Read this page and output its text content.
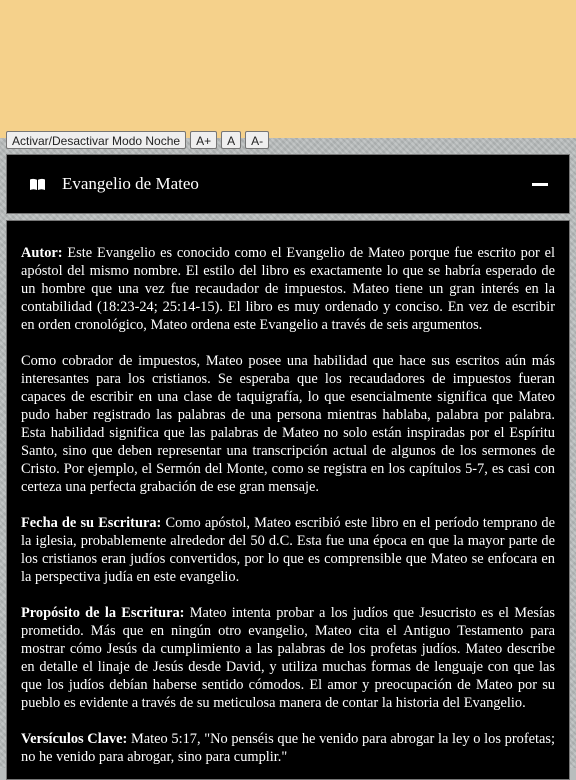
Activar/Desactivar Modo Noche	A+	A	A-
Evangelio de Mateo

Autor: Este Evangelio es conocido como el Evangelio de Mateo porque fue escrito por el apóstol del mismo nombre. El estilo del libro es exactamente lo que se habría esperado de un hombre que una vez fue recaudador de impuestos. Mateo tiene un gran interés en la contabilidad (18:23-24; 25:14-15). El libro es muy ordenado y conciso. En vez de escribir en orden cronológico, Mateo ordena este Evangelio a través de seis argumentos.

Como cobrador de impuestos, Mateo posee una habilidad que hace sus escritos aún más interesantes para los cristianos. Se esperaba que los recaudadores de impuestos fueran capaces de escribir en una clase de taquigrafía, lo que esencialmente significa que Mateo pudo haber registrado las palabras de una persona mientras hablaba, palabra por palabra. Esta habilidad significa que las palabras de Mateo no solo están inspiradas por el Espíritu Santo, sino que deben representar una transcripción actual de algunos de los sermones de Cristo. Por ejemplo, el Sermón del Monte, como se registra en los capítulos 5-7, es casi con certeza una perfecta grabación de ese gran mensaje.

Fecha de su Escritura: Como apóstol, Mateo escribió este libro en el período temprano de la iglesia, probablemente alrededor del 50 d.C. Esta fue una época en que la mayor parte de los cristianos eran judíos convertidos, por lo que es comprensible que Mateo se enfocara en la perspectiva judía en este evangelio.

Propósito de la Escritura: Mateo intenta probar a los judíos que Jesucristo es el Mesías prometido. Más que en ningún otro evangelio, Mateo cita el Antiguo Testamento para mostrar cómo Jesús da cumplimiento a las palabras de los profetas judíos. Mateo describe en detalle el linaje de Jesús desde David, y utiliza muchas formas de lenguaje con que las que los judíos debían haberse sentido cómodos. El amor y preocupación de Mateo por su pueblo es evidente a través de su meticulosa manera de contar la historia del Evangelio.

Versículos Clave: Mateo 5:17, "No penséis que he venido para abrogar la ley o los profetas; no he venido para abrogar, sino para cumplir."
